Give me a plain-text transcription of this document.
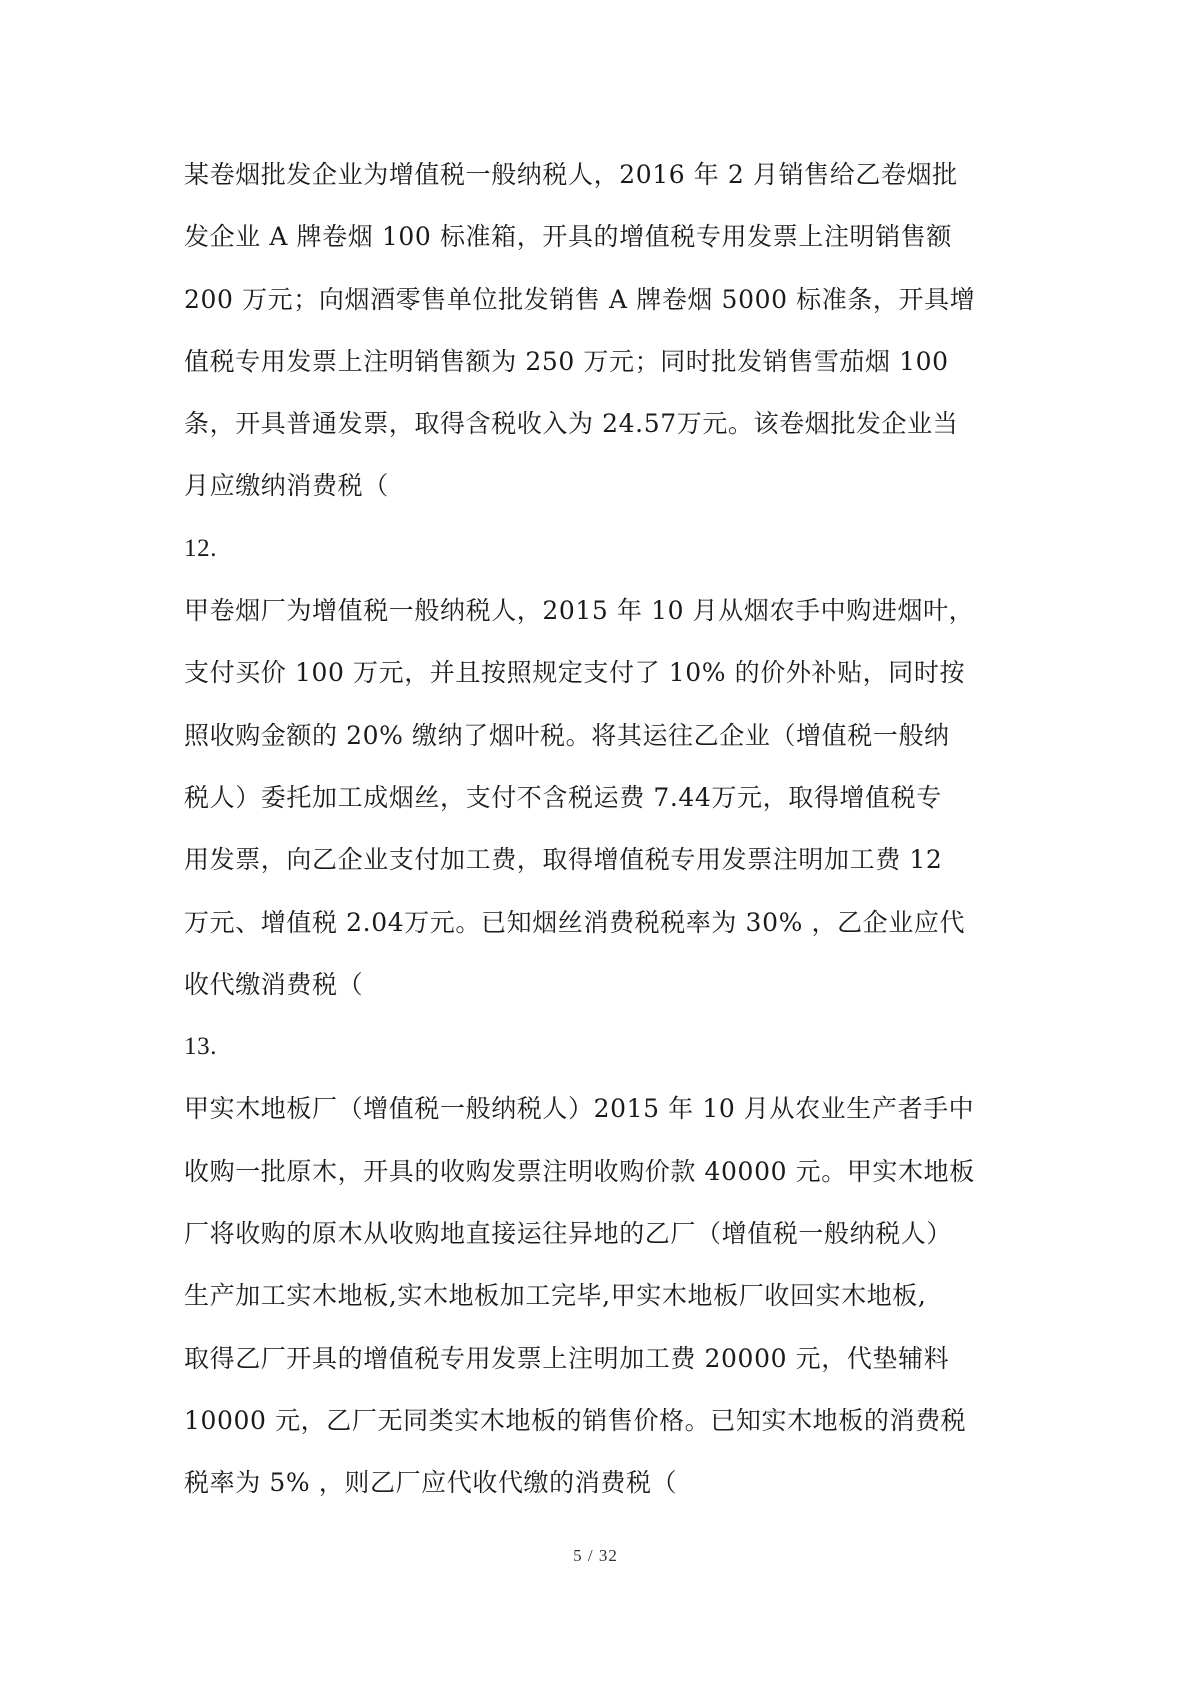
某卷烟批发企业为增值税一般纳税人，2016 年 2 月销售给乙卷烟批
发企业 A 牌卷烟 100 标准箱，开具的增值税专用发票上注明销售额
200 万元；向烟酒零售单位批发销售 A 牌卷烟 5000 标准条，开具增
值税专用发票上注明销售额为 250 万元；同时批发销售雪茄烟 100
条，开具普通发票，取得含税收入为 24.57万元。该卷烟批发企业当
月应缴纳消费税（
12.
甲卷烟厂为增值税一般纳税人，2015 年 10 月从烟农手中购进烟叶，
支付买价 100 万元，并且按照规定支付了 10% 的价外补贴，同时按
照收购金额的 20% 缴纳了烟叶税。将其运往乙企业（增值税一般纳
税人）委托加工成烟丝，支付不含税运费 7.44万元，取得增值税专
用发票，向乙企业支付加工费，取得增值税专用发票注明加工费 12
万元、增值税 2.04万元。已知烟丝消费税税率为 30% ，乙企业应代
收代缴消费税（
13.
甲实木地板厂（增值税一般纳税人）2015 年 10 月从农业生产者手中
收购一批原木，开具的收购发票注明收购价款 40000 元。甲实木地板
厂将收购的原木从收购地直接运往异地的乙厂（增值税一般纳税人）
生产加工实木地板,实木地板加工完毕,甲实木地板厂收回实木地板,
取得乙厂开具的增值税专用发票上注明加工费 20000 元，代垫辅料
10000 元，乙厂无同类实木地板的销售价格。已知实木地板的消费税
税率为 5% ，则乙厂应代收代缴的消费税（
5 / 32
